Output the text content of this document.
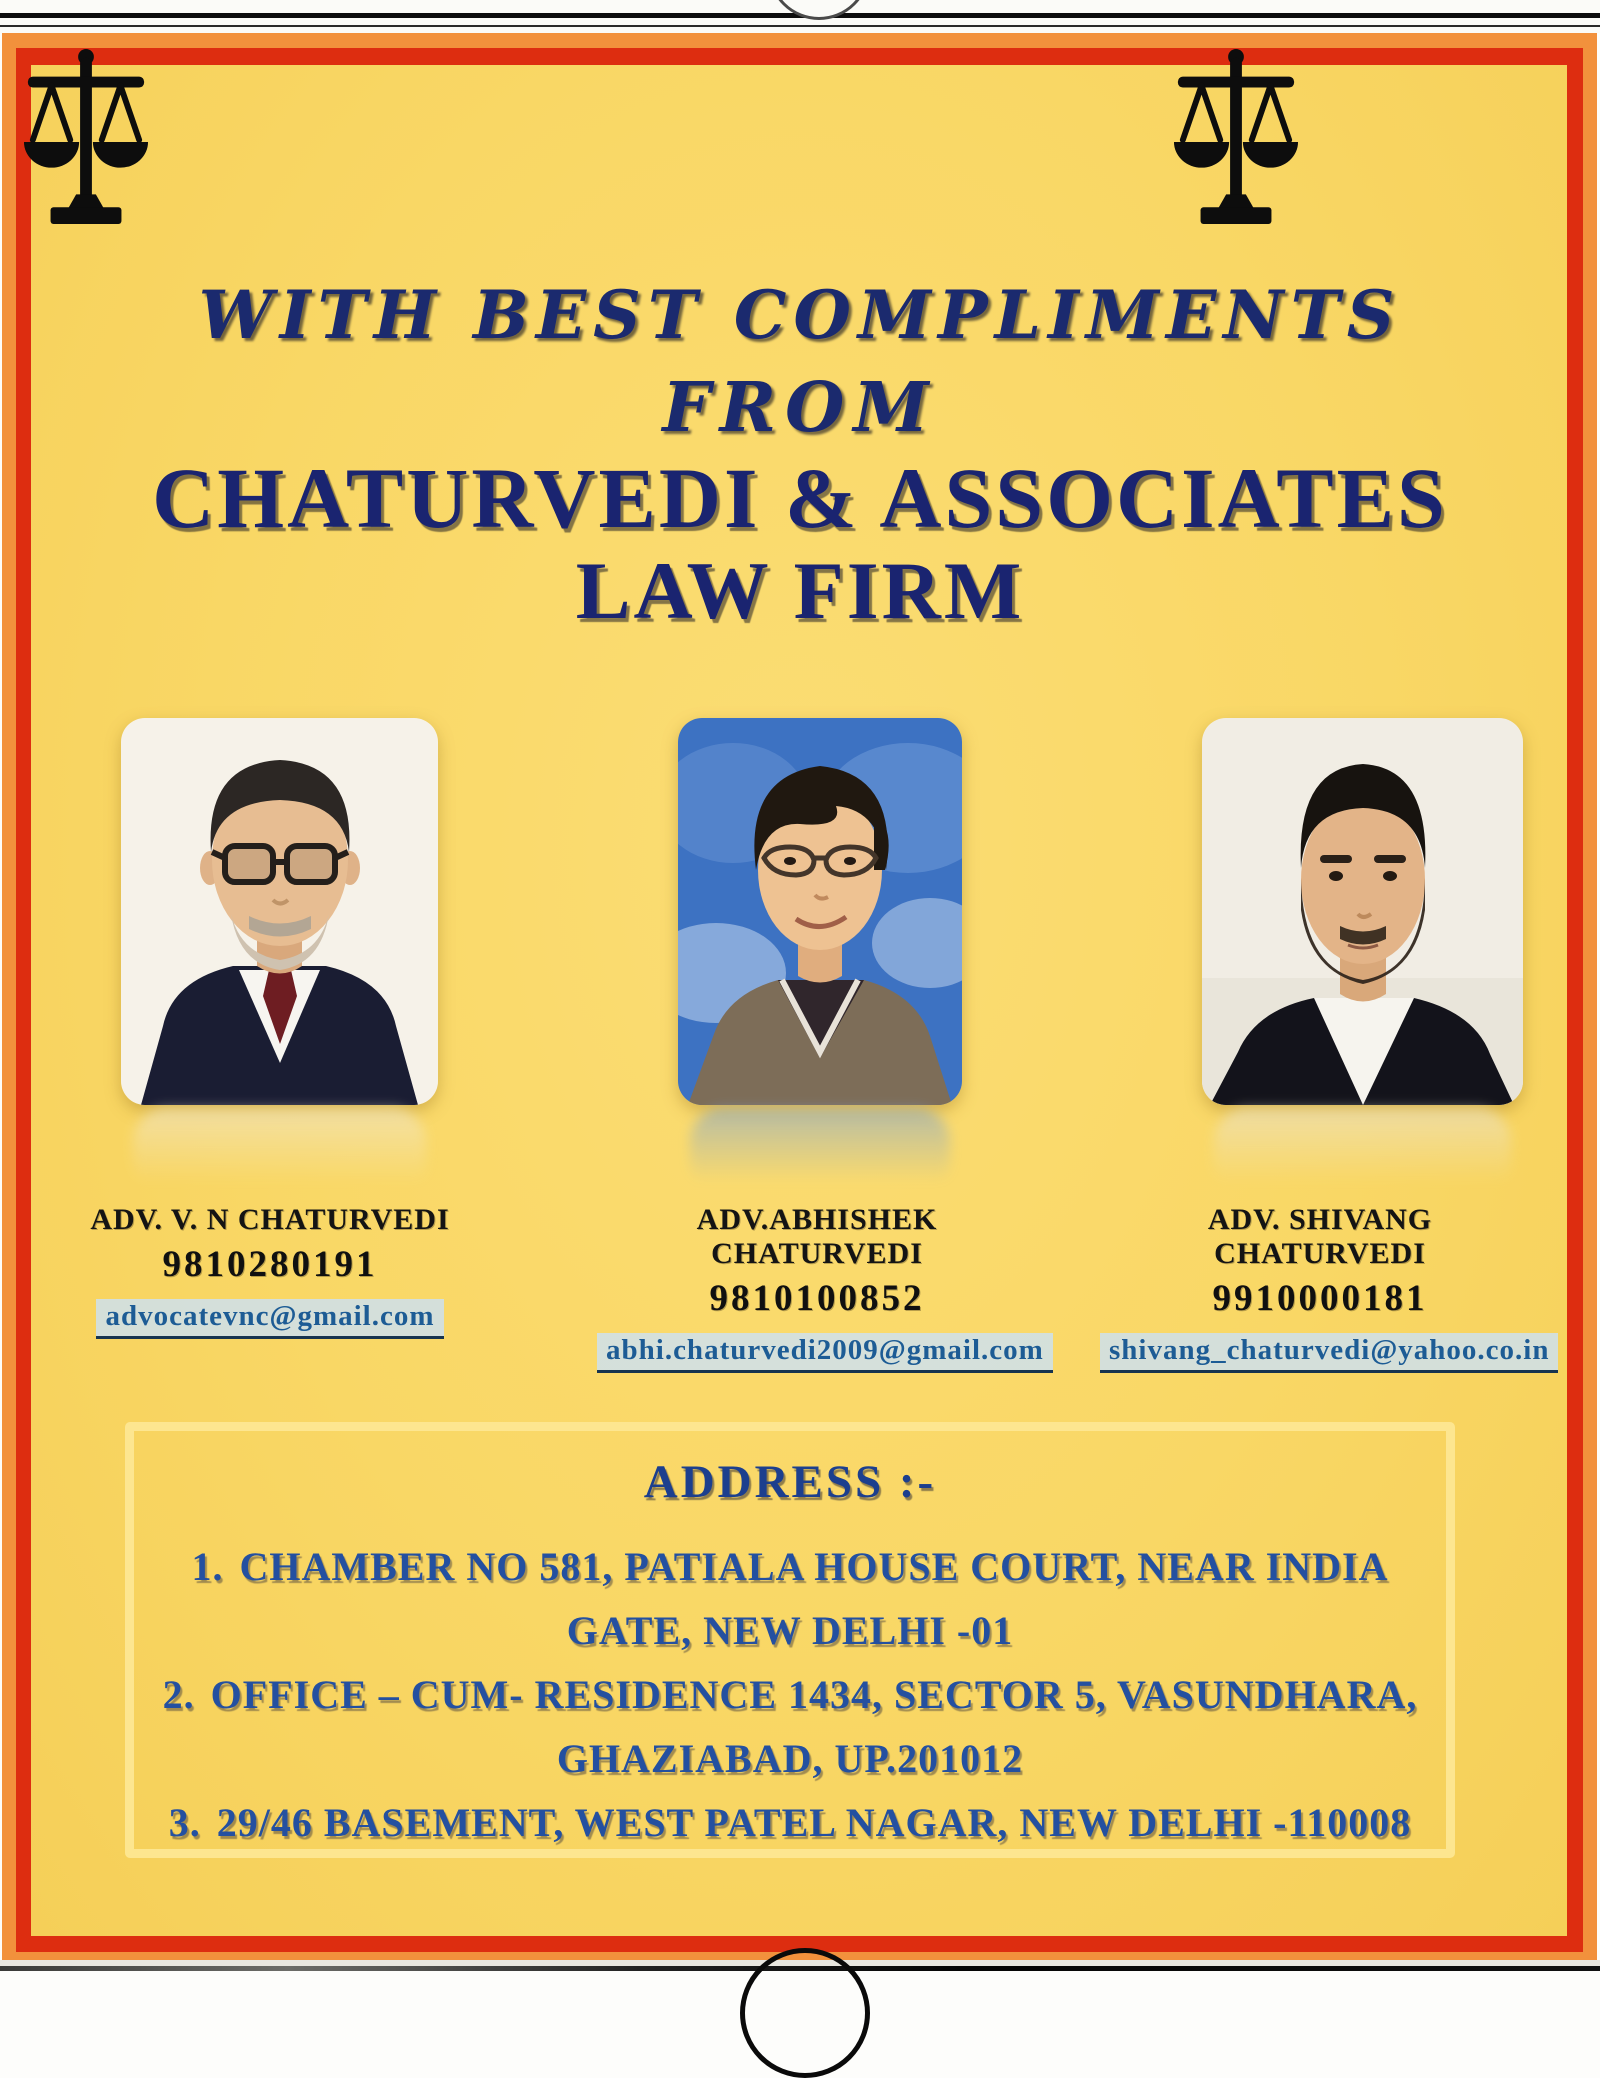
WITH BEST COMPLIMENTS
FROM
CHATURVEDI & ASSOCIATES
LAW FIRM
ADV. V. N CHATURVEDI
9810280191
advocatevnc@gmail.com
ADV.ABHISHEK CHATURVEDI
9810100852
abhi.chaturvedi2009@gmail.com
ADV. SHIVANG CHATURVEDI
9910000181
shivang_chaturvedi@yahoo.co.in
ADDRESS :-
1. CHAMBER NO 581, PATIALA HOUSE COURT, NEAR INDIA GATE, NEW DELHI -01
2. OFFICE – CUM- RESIDENCE 1434, SECTOR 5, VASUNDHARA, GHAZIABAD, UP.201012
3. 29/46 BASEMENT, WEST PATEL NAGAR, NEW DELHI -110008
